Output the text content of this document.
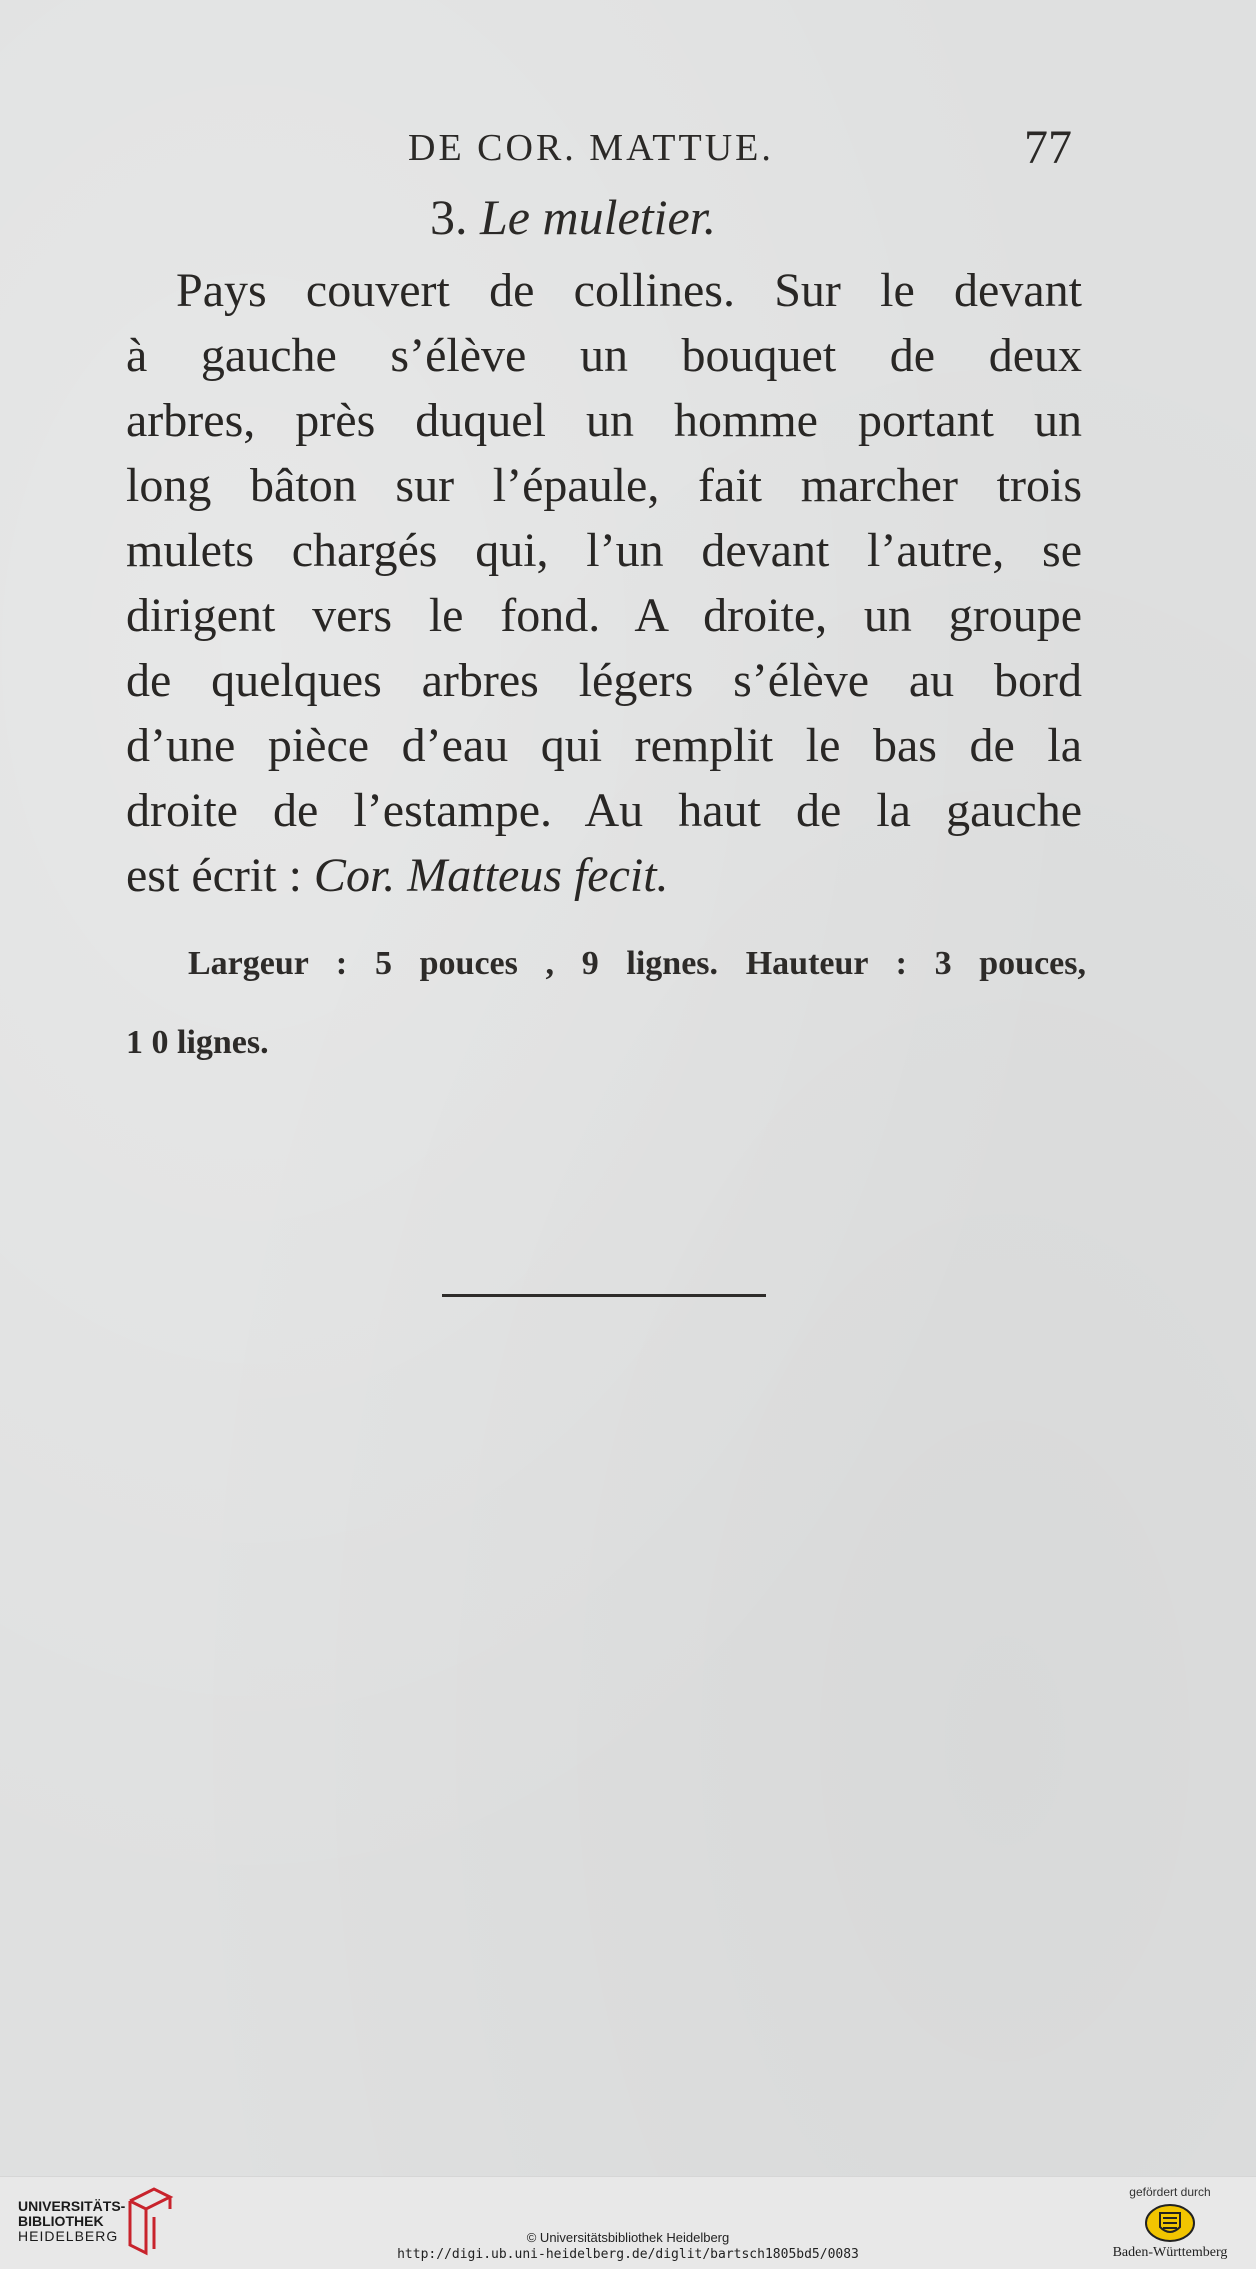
DE COR. MATTUE.	77
3. Le muletier.
Pays couvert de collines. Sur le devant
à gauche s’élève un bouquet de deux
arbres, près duquel un homme portant un
long bâton sur l’épaule, fait marcher trois
mulets chargés qui, l’un devant l’autre, se
dirigent vers le fond. A droite, un groupe
de quelques arbres légers s’élève au bord
d’une pièce d’eau qui remplit le bas de la
droite de l’estampe. Au haut de la gauche
est écrit : Cor. Matteus fecit.
Largeur : 5 pouces , 9 lignes. Hauteur : 3 pouces,
1 0 lignes.
UNIVERSITÄTS-
BIBLIOTHEK
HEIDELBERG	© Universitätsbibliothek Heidelberg
http://digi.ub.uni-heidelberg.de/diglit/bartsch1805bd5/0083
gefördert durch
Baden-Württemberg
